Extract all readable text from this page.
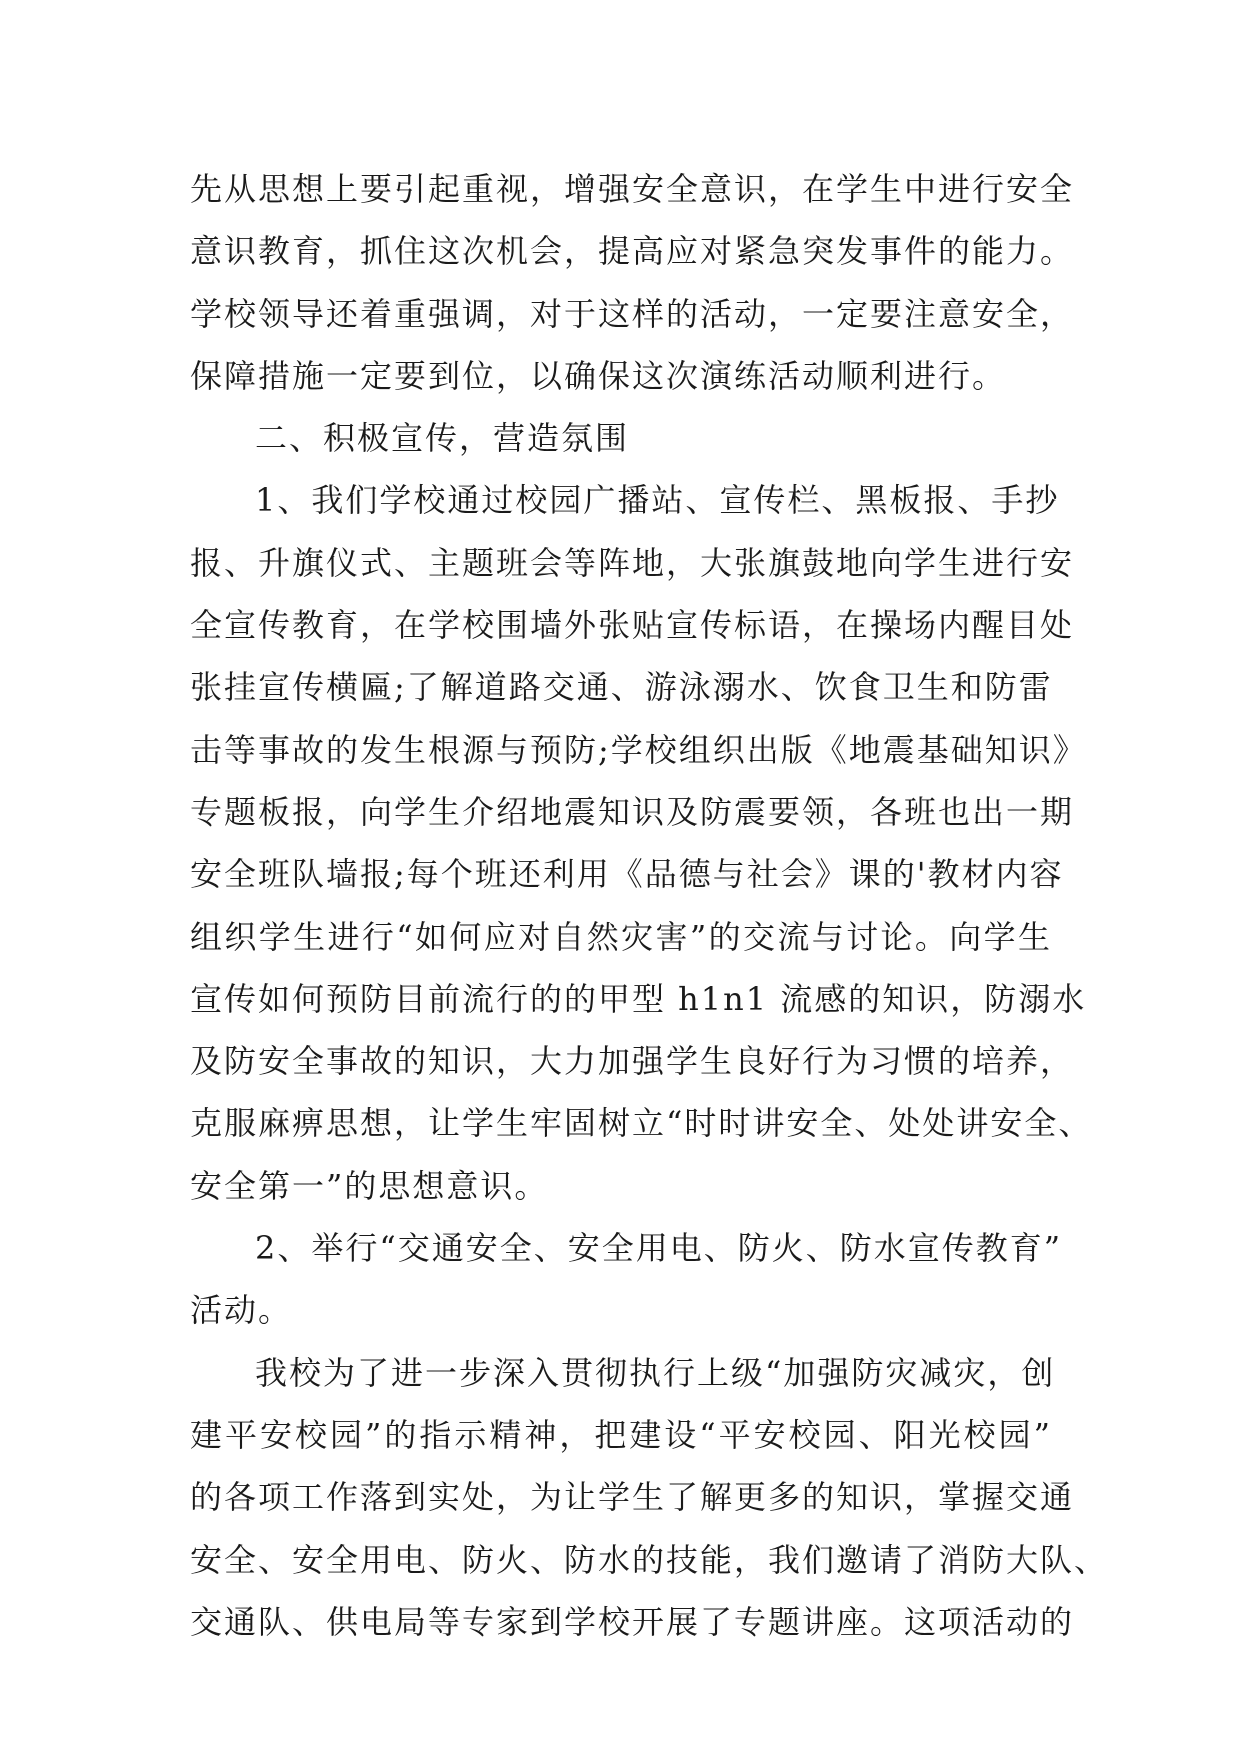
先从思想上要引起重视，增强安全意识，在学生中进行安全
意识教育，抓住这次机会，提高应对紧急突发事件的能力。
学校领导还着重强调，对于这样的活动，一定要注意安全，
保障措施一定要到位，以确保这次演练活动顺利进行。
二、积极宣传，营造氛围
1、我们学校通过校园广播站、宣传栏、黑板报、手抄
报、升旗仪式、主题班会等阵地，大张旗鼓地向学生进行安
全宣传教育，在学校围墙外张贴宣传标语，在操场内醒目处
张挂宣传横匾;了解道路交通、游泳溺水、饮食卫生和防雷
击等事故的发生根源与预防;学校组织出版《地震基础知识》
专题板报，向学生介绍地震知识及防震要领，各班也出一期
安全班队墙报;每个班还利用《品德与社会》课的'教材内容
组织学生进行“如何应对自然灾害”的交流与讨论。向学生
宣传如何预防目前流行的的甲型 h1n1 流感的知识，防溺水
及防安全事故的知识，大力加强学生良好行为习惯的培养，
克服麻痹思想，让学生牢固树立“时时讲安全、处处讲安全、
安全第一”的思想意识。
2、举行“交通安全、安全用电、防火、防水宣传教育”
活动。
我校为了进一步深入贯彻执行上级“加强防灾减灾，创
建平安校园”的指示精神，把建设“平安校园、阳光校园”
的各项工作落到实处，为让学生了解更多的知识，掌握交通
安全、安全用电、防火、防水的技能，我们邀请了消防大队、
交通队、供电局等专家到学校开展了专题讲座。这项活动的
